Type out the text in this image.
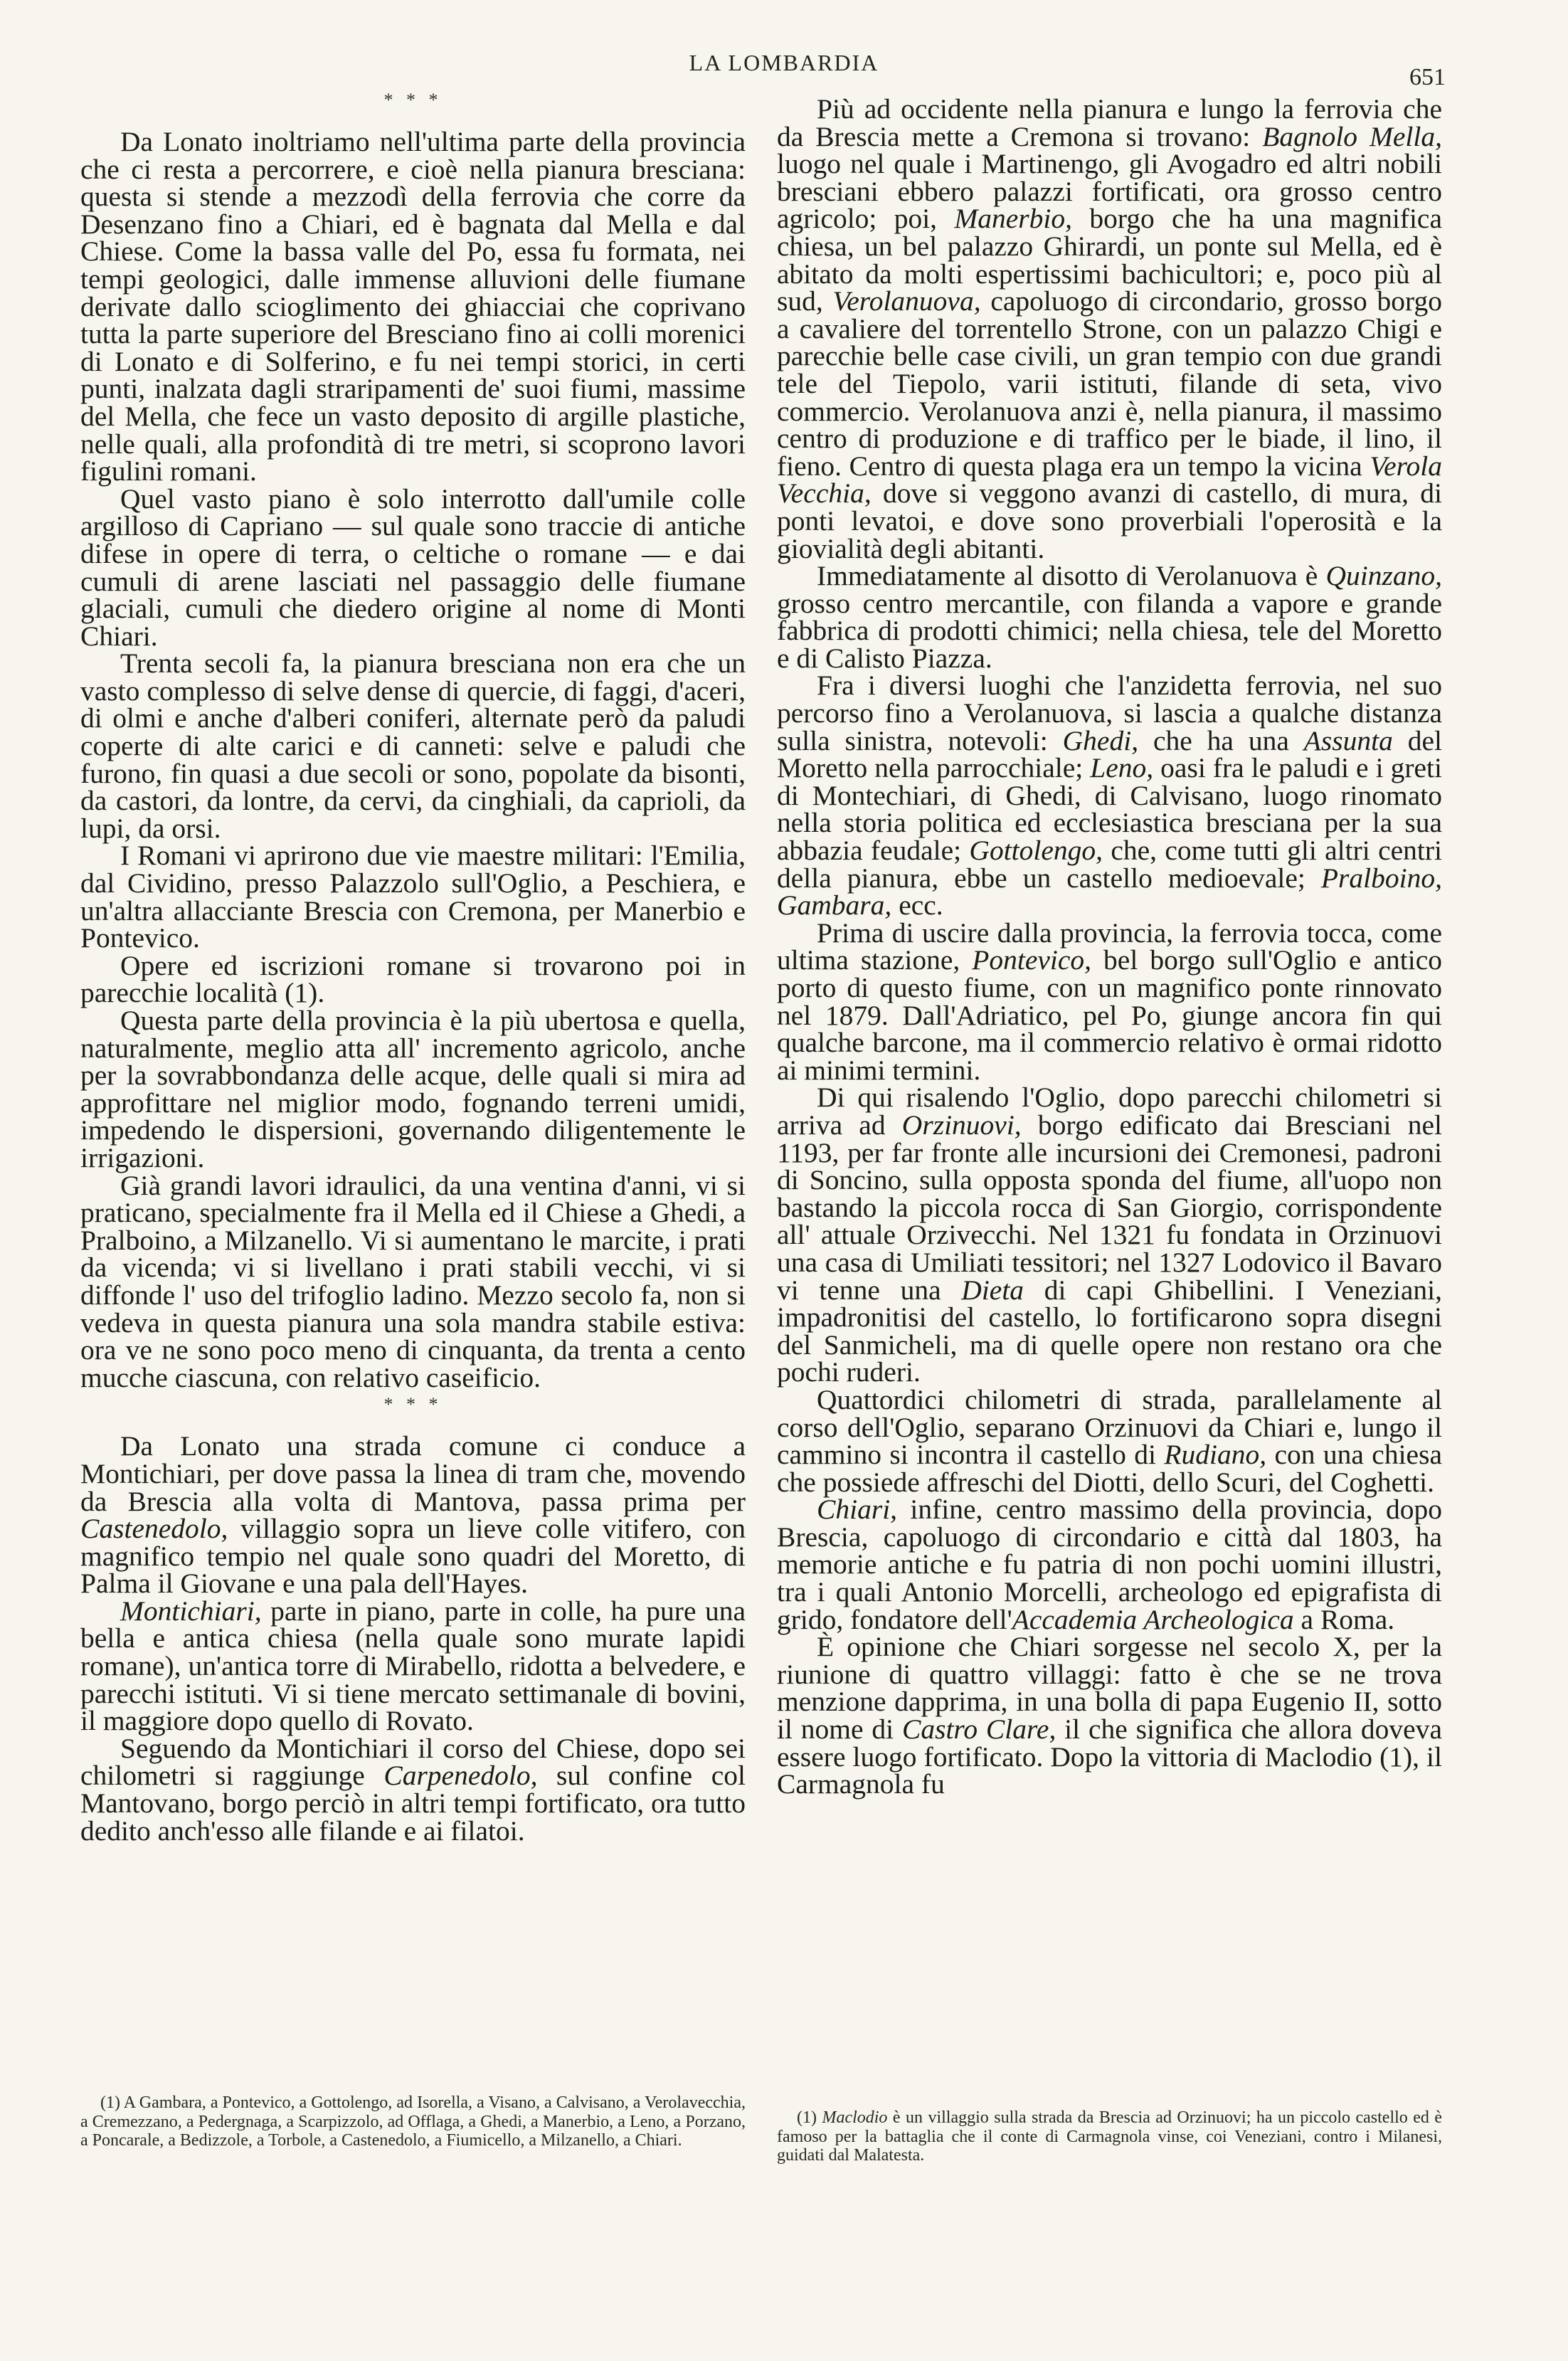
LA LOMBARDIA
651
* * *

Da Lonato inoltriamo nell'ultima parte della provincia che ci resta a percorrere, e cioè nella pianura bresciana: questa si stende a mezzodì della ferrovia che corre da Desenzano fino a Chiari, ed è bagnata dal Mella e dal Chiese. Come la bassa valle del Po, essa fu formata, nei tempi geologici, dalle immense alluvioni delle fiumane derivate dallo scioglimento dei ghiacciai che coprivano tutta la parte superiore del Bresciano fino ai colli morenici di Lonato e di Solferino, e fu nei tempi storici, in certi punti, inalzata dagli straripamenti de' suoi fiumi, massime del Mella, che fece un vasto deposito di argille plastiche, nelle quali, alla profondità di tre metri, si scoprono lavori figulini romani.

Quel vasto piano è solo interrotto dall'umile colle argilloso di Capriano — sul quale sono traccie di antiche difese in opere di terra, o celtiche o romane — e dai cumuli di arene lasciati nel passaggio delle fiumane glaciali, cumuli che diedero origine al nome di Monti Chiari.

Trenta secoli fa, la pianura bresciana non era che un vasto complesso di selve dense di quercie, di faggi, d'aceri, di olmi e anche d'alberi coniferi, alternate però da paludi coperte di alte carici e di canneti: selve e paludi che furono, fin quasi a due secoli or sono, popolate da bisonti, da castori, da lontre, da cervi, da cinghiali, da caprioli, da lupi, da orsi.

I Romani vi aprirono due vie maestre militari: l'Emilia, dal Cividino, presso Palazzolo sull'Oglio, a Peschiera, e un'altra allacciante Brescia con Cremona, per Manerbio e Pontevico.

Opere ed iscrizioni romane si trovarono poi in parecchie località (1).

Questa parte della provincia è la più ubertosa e quella, naturalmente, meglio atta all' incremento agricolo, anche per la sovrabbondanza delle acque, delle quali si mira ad approfittare nel miglior modo, fognando terreni umidi, impedendo le dispersioni, governando diligentemente le irrigazioni.

Già grandi lavori idraulici, da una ventina d'anni, vi si praticano, specialmente fra il Mella ed il Chiese a Ghedi, a Pralboino, a Milzanello. Vi si aumentano le marcite, i prati da vicenda; vi si livellano i prati stabili vecchi, vi si diffonde l' uso del trifoglio ladino. Mezzo secolo fa, non si vedeva in questa pianura una sola mandra stabile estiva: ora ve ne sono poco meno di cinquanta, da trenta a cento mucche ciascuna, con relativo caseificio.

* * *

Da Lonato una strada comune ci conduce a Montichiari, per dove passa la linea di tram che, movendo da Brescia alla volta di Mantova, passa prima per Castenedolo, villaggio sopra un lieve colle vitifero, con magnifico tempio nel quale sono quadri del Moretto, di Palma il Giovane e una pala dell'Hayes.

Montichiari, parte in piano, parte in colle, ha pure una bella e antica chiesa (nella quale sono murate lapidi romane), un'antica torre di Mirabello, ridotta a belvedere, e parecchi istituti. Vi si tiene mercato settimanale di bovini, il maggiore dopo quello di Rovato.

Seguendo da Montichiari il corso del Chiese, dopo sei chilometri si raggiunge Carpenedolo, sul confine col Mantovano, borgo perciò in altri tempi fortificato, ora tutto dedito anch'esso alle filande e ai filatoi.

(1) A Gambara, a Pontevico, a Gottolengo, ad Isorella, a Visano, a Calvisano, a Verolavecchia, a Cremezzano, a Pedergnaga, a Scarpizzolo, ad Offlaga, a Ghedi, a Manerbio, a Leno, a Porzano, a Poncarale, a Bedizzole, a Torbole, a Castenedolo, a Fiumicello, a Milzanello, a Chiari.

Più ad occidente nella pianura e lungo la ferrovia che da Brescia mette a Cremona si trovano: Bagnolo Mella, luogo nel quale i Martinengo, gli Avogadro ed altri nobili bresciani ebbero palazzi fortificati, ora grosso centro agricolo; poi, Manerbio, borgo che ha una magnifica chiesa, un bel palazzo Ghirardi, un ponte sul Mella, ed è abitato da molti espertissimi bachicultori; e, poco più al sud, Verolanuova, capoluogo di circondario, grosso borgo a cavaliere del torrentello Strone, con un palazzo Chigi e parecchie belle case civili, un gran tempio con due grandi tele del Tiepolo, varii istituti, filande di seta, vivo commercio. Verolanuova anzi è, nella pianura, il massimo centro di produzione e di traffico per le biade, il lino, il fieno. Centro di questa plaga era un tempo la vicina Verola Vecchia, dove si veggono avanzi di castello, di mura, di ponti levatoi, e dove sono proverbiali l'operosità e la giovialità degli abitanti.

Immediatamente al disotto di Verolanuova è Quinzano, grosso centro mercantile, con filanda a vapore e grande fabbrica di prodotti chimici; nella chiesa, tele del Moretto e di Calisto Piazza.

Fra i diversi luoghi che l'anzidetta ferrovia, nel suo percorso fino a Verolanuova, si lascia a qualche distanza sulla sinistra, notevoli: Ghedi, che ha una Assunta del Moretto nella parrocchiale; Leno, oasi fra le paludi e i greti di Montechiari, di Ghedi, di Calvisano, luogo rinomato nella storia politica ed ecclesiastica bresciana per la sua abbazia feudale; Gottolengo, che, come tutti gli altri centri della pianura, ebbe un castello medioevale; Pralboino, Gambara, ecc.

Prima di uscire dalla provincia, la ferrovia tocca, come ultima stazione, Pontevico, bel borgo sull'Oglio e antico porto di questo fiume, con un magnifico ponte rinnovato nel 1879. Dall'Adriatico, pel Po, giunge ancora fin qui qualche barcone, ma il commercio relativo è ormai ridotto ai minimi termini.

Di qui risalendo l'Oglio, dopo parecchi chilometri si arriva ad Orzinuovi, borgo edificato dai Bresciani nel 1193, per far fronte alle incursioni dei Cremonesi, padroni di Soncino, sulla opposta sponda del fiume, all'uopo non bastando la piccola rocca di San Giorgio, corrispondente all' attuale Orzivecchi. Nel 1321 fu fondata in Orzinuovi una casa di Umiliati tessitori; nel 1327 Lodovico il Bavaro vi tenne una Dieta di capi Ghibellini. I Veneziani, impadronitisi del castello, lo fortificarono sopra disegni del Sanmicheli, ma di quelle opere non restano ora che pochi ruderi.

Quattordici chilometri di strada, parallelamente al corso dell'Oglio, separano Orzinuovi da Chiari e, lungo il cammino si incontra il castello di Rudiano, con una chiesa che possiede affreschi del Diotti, dello Scuri, del Coghetti.

Chiari, infine, centro massimo della provincia, dopo Brescia, capoluogo di circondario e città dal 1803, ha memorie antiche e fu patria di non pochi uomini illustri, tra i quali Antonio Morcelli, archeologo ed epigrafista di grido, fondatore dell'Accademia Archeologica a Roma.

È opinione che Chiari sorgesse nel secolo X, per la riunione di quattro villaggi: fatto è che se ne trova menzione dapprima, in una bolla di papa Eugenio II, sotto il nome di Castro Clare, il che significa che allora doveva essere luogo fortificato. Dopo la vittoria di Maclodio (1), il Carmagnola fu

(1) Maclodio è un villaggio sulla strada da Brescia ad Orzinuovi; ha un piccolo castello ed è famoso per la battaglia che il conte di Carmagnola vinse, coi Veneziani, contro i Milanesi, guidati dal Malatesta.
